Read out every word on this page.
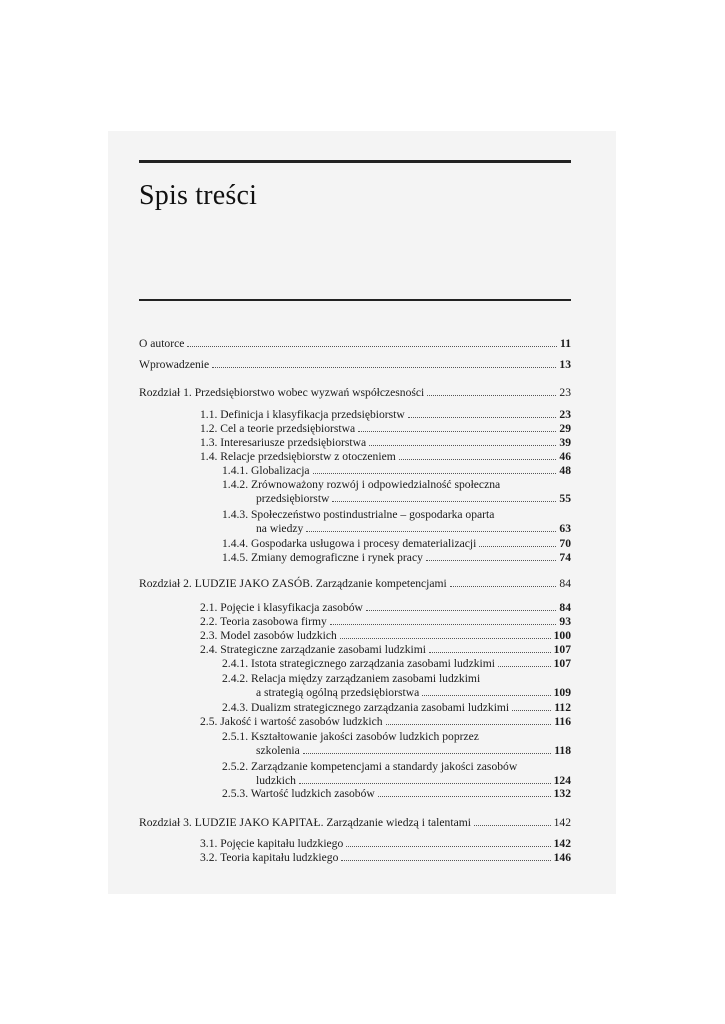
Spis treści
O autorce	11
Wprowadzenie	13
Rozdział 1. Przedsiębiorstwo wobec wyzwań współczesności	23
1.1. Definicja i klasyfikacja przedsiębiorstw	23
1.2. Cel a teorie przedsiębiorstwa	29
1.3. Interesariusze przedsiębiorstwa	39
1.4. Relacje przedsiębiorstw z otoczeniem	46
1.4.1. Globalizacja	48
1.4.2. Zrównoważony rozwój i odpowiedzialność społeczna
przedsiębiorstw	55
1.4.3. Społeczeństwo postindustrialne – gospodarka oparta
na wiedzy	63
1.4.4. Gospodarka usługowa i procesy dematerializacji	70
1.4.5. Zmiany demograficzne i rynek pracy	74
Rozdział 2. LUDZIE JAKO ZASÓB. Zarządzanie kompetencjami	84
2.1. Pojęcie i klasyfikacja zasobów	84
2.2. Teoria zasobowa firmy	93
2.3. Model zasobów ludzkich	100
2.4. Strategiczne zarządzanie zasobami ludzkimi	107
2.4.1. Istota strategicznego zarządzania zasobami ludzkimi	107
2.4.2. Relacja między zarządzaniem zasobami ludzkimi
a strategią ogólną przedsiębiorstwa	109
2.4.3. Dualizm strategicznego zarządzania zasobami ludzkimi	112
2.5. Jakość i wartość zasobów ludzkich	116
2.5.1. Kształtowanie jakości zasobów ludzkich poprzez
szkolenia	118
2.5.2. Zarządzanie kompetencjami a standardy jakości zasobów
ludzkich	124
2.5.3. Wartość ludzkich zasobów	132
Rozdział 3. LUDZIE JAKO KAPITAŁ. Zarządzanie wiedzą i talentami	142
3.1. Pojęcie kapitału ludzkiego	142
3.2. Teoria kapitału ludzkiego	146
